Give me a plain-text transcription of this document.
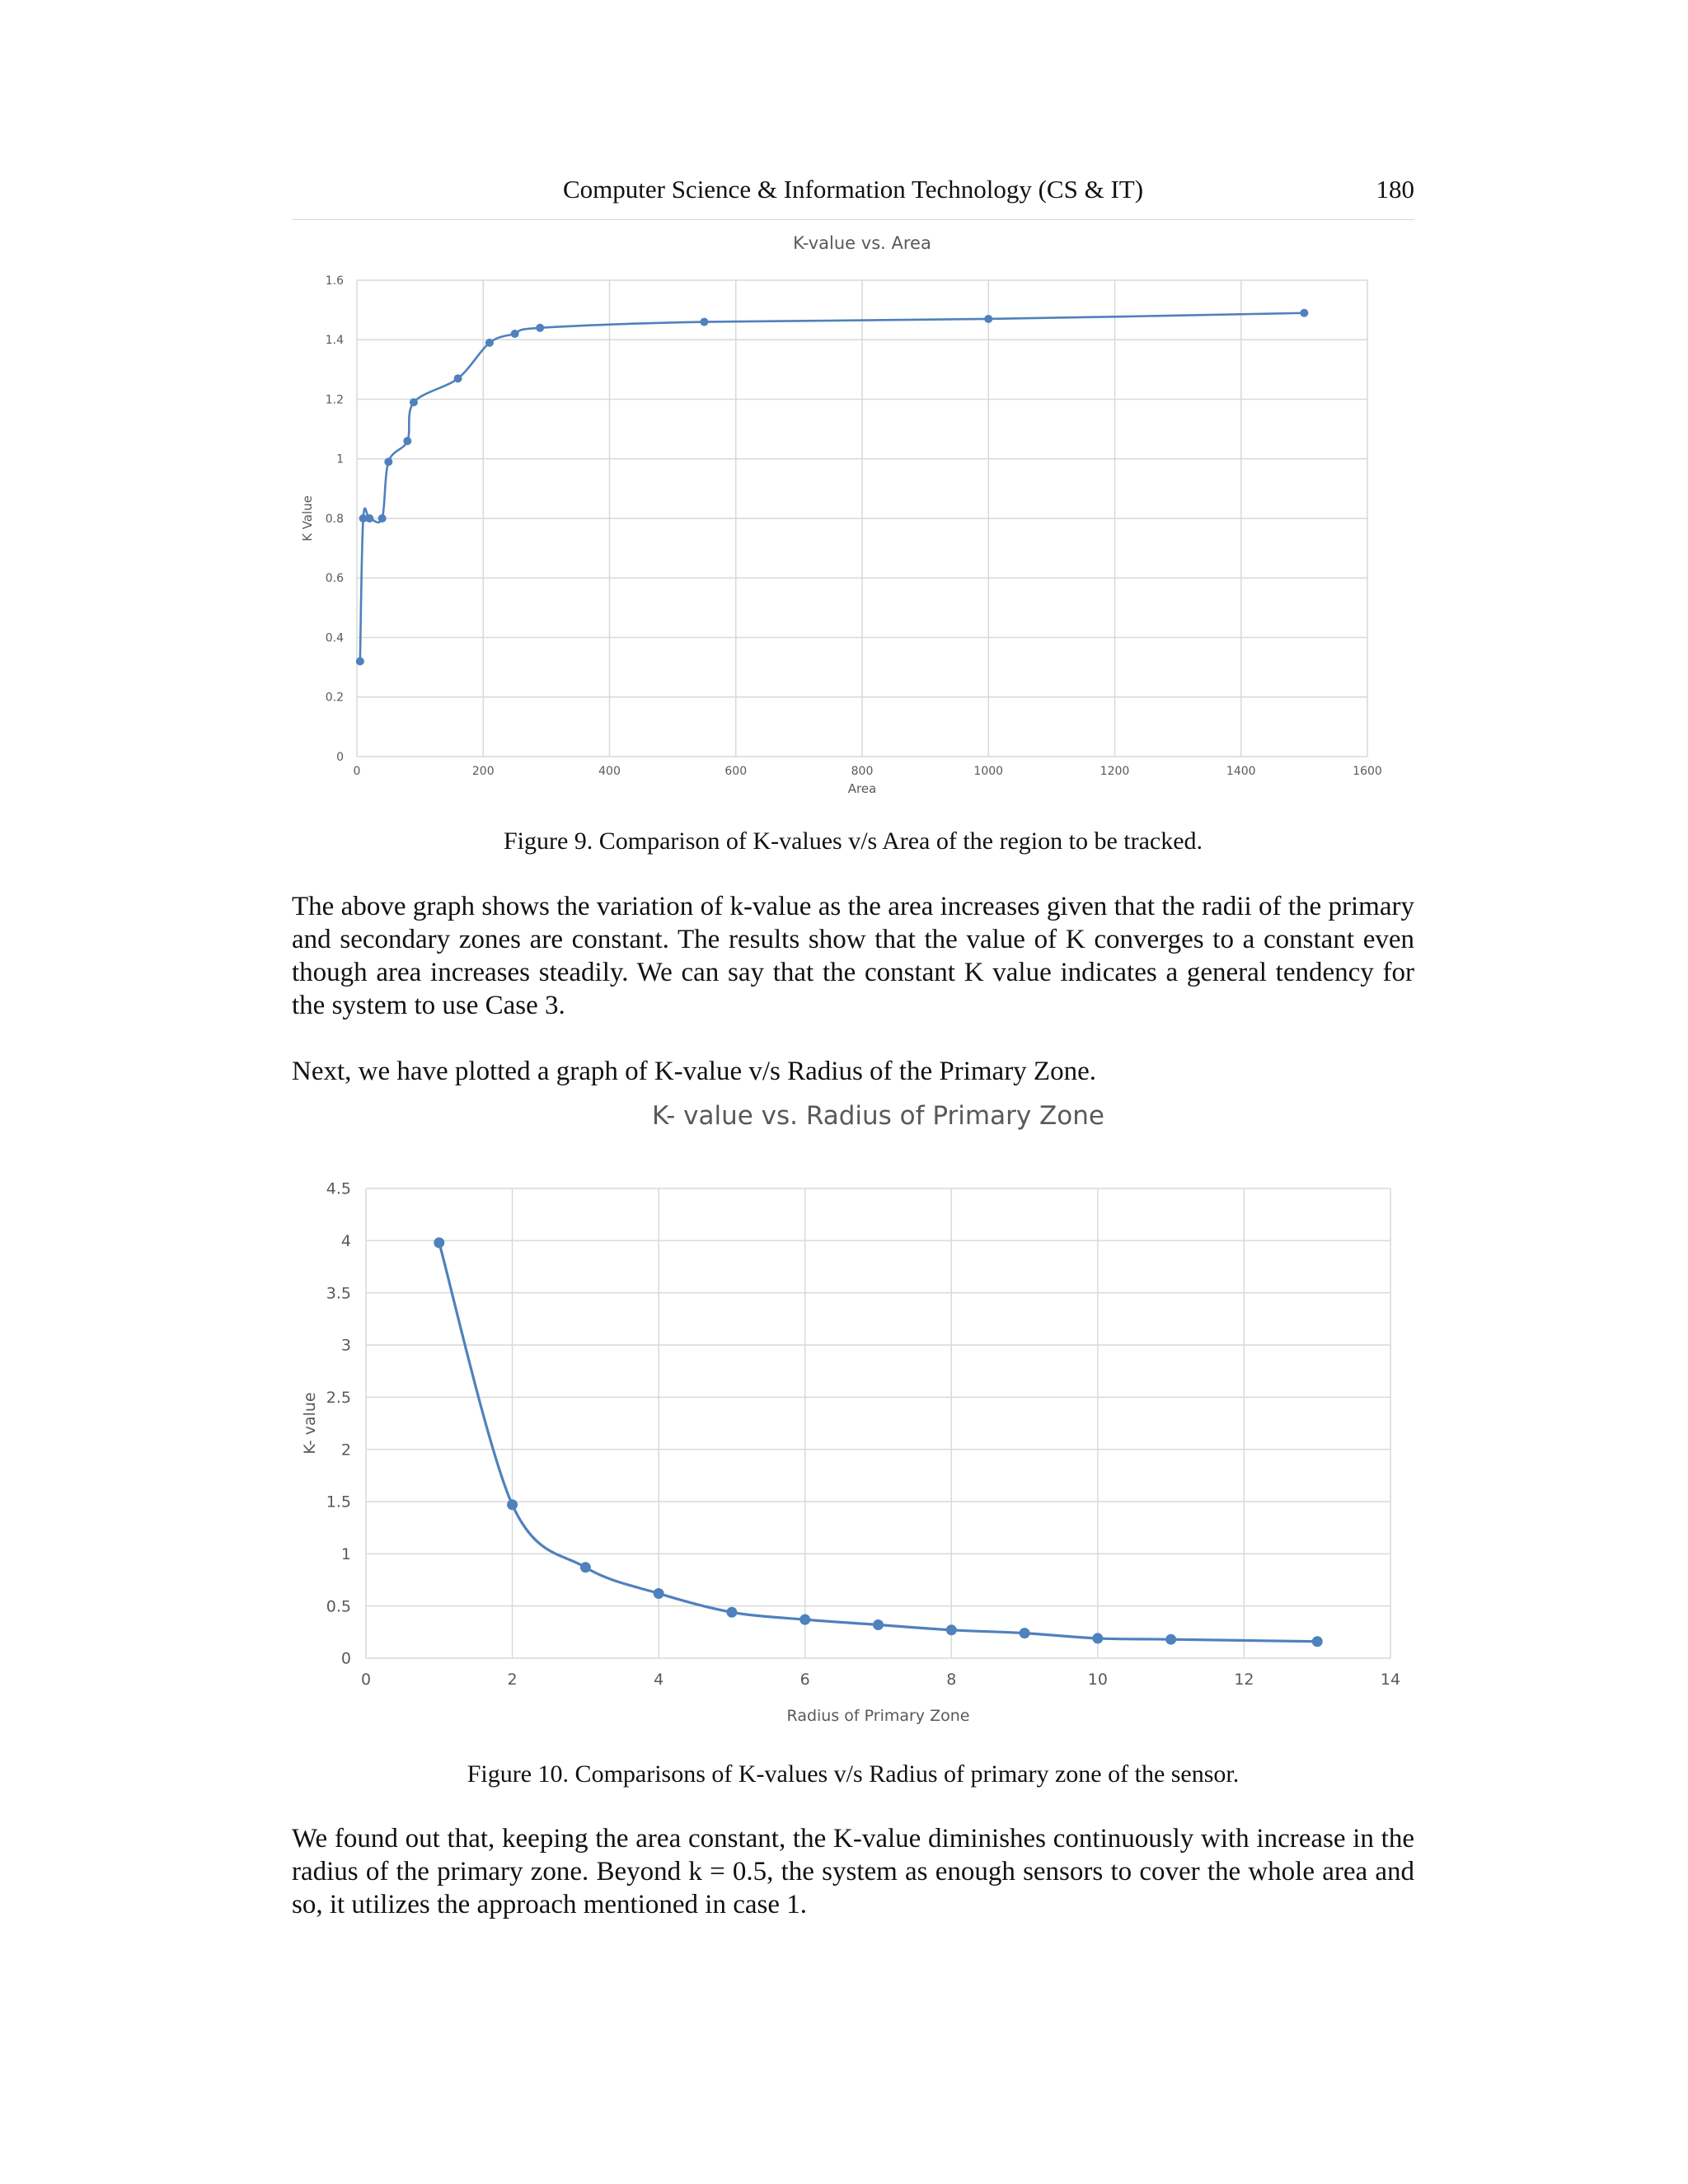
Computer Science & Information Technology (CS & IT)	180
K-value vs. Area
0	200	400	600	800	1000	1200	1400	1600
0
0.2
0.4
0.6
0.8
1
1.2
1.4
1.6
Area
K Value
Figure 9. Comparison of K-values v/s Area of the region to be tracked.

The above graph shows the variation of k-value as the area increases given that the radii of the primary and secondary zones are constant. The results show that the value of K converges to a constant even though area increases steadily. We can say that the constant K value indicates a general tendency for the system to use Case 3.

Next, we have plotted a graph of K-value v/s Radius of the Primary Zone.

K- value vs. Radius of Primary Zone
0	2	4	6	8	10	12	14
0
0.5
1
1.5
2
2.5
3
3.5
4
4.5
Radius of Primary Zone
K- value
Figure 10. Comparisons of K-values v/s Radius of primary zone of the sensor.

We found out that, keeping the area constant, the K-value diminishes continuously with increase in the radius of the primary zone. Beyond k = 0.5, the system as enough sensors to cover the whole area and so, it utilizes the approach mentioned in case 1.
